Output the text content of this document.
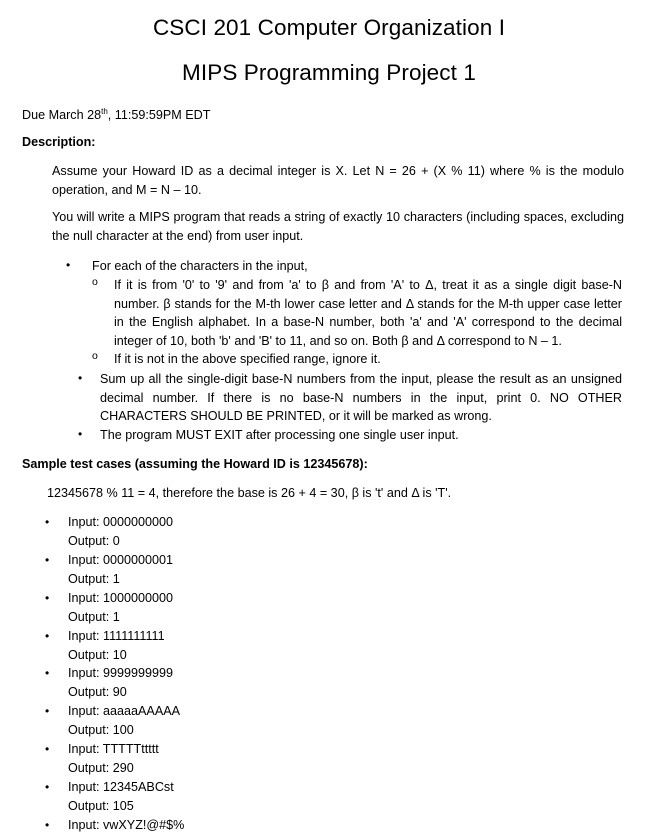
CSCI 201 Computer Organization I
MIPS Programming Project 1
Due March 28th, 11:59:59PM EDT
Description:

Assume your Howard ID as a decimal integer is X. Let N = 26 + (X % 11) where % is the modulo operation, and M = N – 10.

You will write a MIPS program that reads a string of exactly 10 characters (including spaces, excluding the null character at the end) from user input.

• For each of the characters in the input,
o If it is from '0' to '9' and from 'a' to β and from 'A' to Δ, treat it as a single digit base-N number. β stands for the M-th lower case letter and Δ stands for the M-th upper case letter in the English alphabet. In a base-N number, both 'a' and 'A' correspond to the decimal integer of 10, both 'b' and 'B' to 11, and so on. Both β and Δ correspond to N – 1.

o If it is not in the above specified range, ignore it.
• Sum up all the single-digit base-N numbers from the input, please the result as an unsigned decimal number. If there is no base-N numbers in the input, print 0. NO OTHER CHARACTERS SHOULD BE PRINTED, or it will be marked as wrong.

• The program MUST EXIT after processing one single user input.
Sample test cases (assuming the Howard ID is 12345678):
12345678 % 11 = 4, therefore the base is 26 + 4 = 30, β is 't' and Δ is 'T'.
• Input: 0000000000
Output: 0
• Input: 0000000001
Output: 1
• Input: 1000000000
Output: 1
• Input: 1111111111
Output: 10
• Input: 9999999999
Output: 90
• Input: aaaaaAAAAA
Output: 100
• Input: TTTTTttttt
Output: 290
• Input: 12345ABCst
Output: 105
• Input: vwXYZ!@#$%
